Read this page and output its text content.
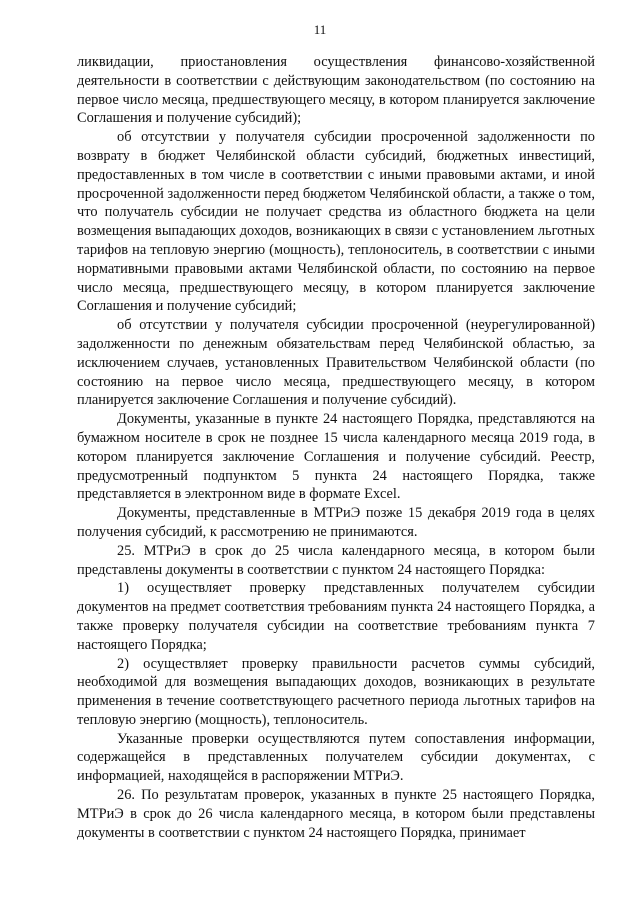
11

ликвидации, приостановления осуществления финансово-хозяйственной деятельности в соответствии с действующим законодательством (по состоянию на первое число месяца, предшествующего месяцу, в котором планируется заключение Соглашения и получение субсидий);

об отсутствии у получателя субсидии просроченной задолженности по возврату в бюджет Челябинской области субсидий, бюджетных инвестиций, предоставленных в том числе в соответствии с иными правовыми актами, и иной просроченной задолженности перед бюджетом Челябинской области, а также о том, что получатель субсидии не получает средства из областного бюджета на цели возмещения выпадающих доходов, возникающих в связи с установлением льготных тарифов на тепловую энергию (мощность), теплоноситель, в соответствии с иными нормативными правовыми актами Челябинской области, по состоянию на первое число месяца, предшествующего месяцу, в котором планируется заключение Соглашения и получение субсидий;

об отсутствии у получателя субсидии просроченной (неурегулированной) задолженности по денежным обязательствам перед Челябинской областью, за исключением случаев, установленных Правительством Челябинской области (по состоянию на первое число месяца, предшествующего месяцу, в котором планируется заключение Соглашения и получение субсидий).

Документы, указанные в пункте 24 настоящего Порядка, представляются на бумажном носителе в срок не позднее 15 числа календарного месяца 2019 года, в котором планируется заключение Соглашения и получение субсидий. Реестр, предусмотренный подпунктом 5 пункта 24 настоящего Порядка, также представляется в электронном виде в формате Excel.

Документы, представленные в МТРиЭ позже 15 декабря 2019 года в целях получения субсидий, к рассмотрению не принимаются.

25. МТРиЭ в срок до 25 числа календарного месяца, в котором были представлены документы в соответствии с пунктом 24 настоящего Порядка:

1) осуществляет проверку представленных получателем субсидии документов на предмет соответствия требованиям пункта 24 настоящего Порядка, а также проверку получателя субсидии на соответствие требованиям пункта 7 настоящего Порядка;

2) осуществляет проверку правильности расчетов суммы субсидий, необходимой для возмещения выпадающих доходов, возникающих в результате применения в течение соответствующего расчетного периода льготных тарифов на тепловую энергию (мощность), теплоноситель.

Указанные проверки осуществляются путем сопоставления информации, содержащейся в представленных получателем субсидии документах, с информацией, находящейся в распоряжении МТРиЭ.

26. По результатам проверок, указанных в пункте 25 настоящего Порядка, МТРиЭ в срок до 26 числа календарного месяца, в котором были представлены документы в соответствии с пунктом 24 настоящего Порядка, принимает
